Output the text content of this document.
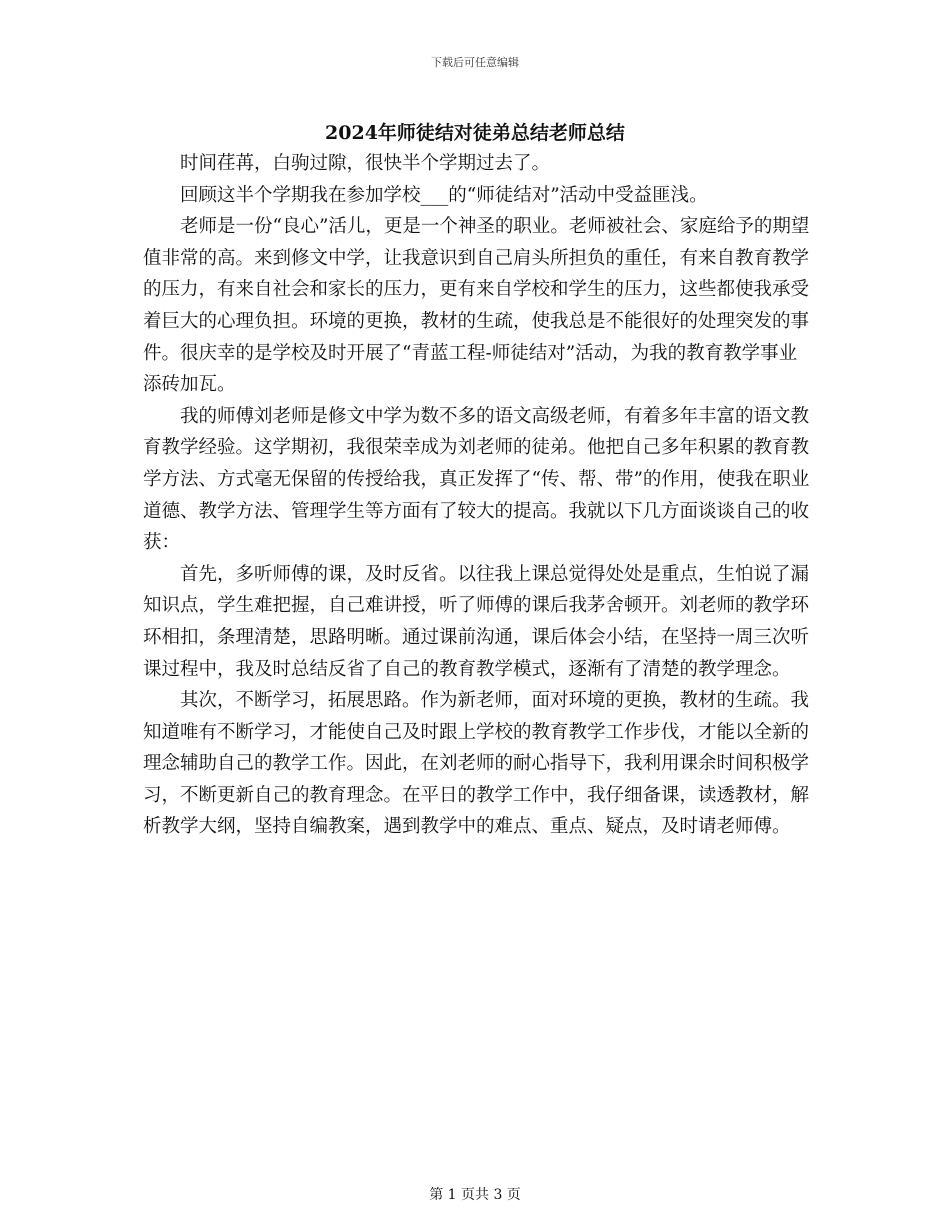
下载后可任意编辑
2024年师徒结对徒弟总结老师总结

时间荏苒，白驹过隙，很快半个学期过去了。

回顾这半个学期我在参加学校___的“师徒结对”活动中受益匪浅。

老师是一份“良心”活儿，更是一个神圣的职业。老师被社会、家庭给予的期望值非常的高。来到修文中学，让我意识到自己肩头所担负的重任，有来自教育教学的压力，有来自社会和家长的压力，更有来自学校和学生的压力，这些都使我承受着巨大的心理负担。环境的更换，教材的生疏，使我总是不能很好的处理突发的事件。很庆幸的是学校及时开展了“青蓝工程-师徒结对”活动，为我的教育教学事业添砖加瓦。

我的师傅刘老师是修文中学为数不多的语文高级老师，有着多年丰富的语文教育教学经验。这学期初，我很荣幸成为刘老师的徒弟。他把自己多年积累的教育教学方法、方式毫无保留的传授给我，真正发挥了“传、帮、带”的作用，使我在职业道德、教学方法、管理学生等方面有了较大的提高。我就以下几方面谈谈自己的收获：

首先，多听师傅的课，及时反省。以往我上课总觉得处处是重点，生怕说了漏知识点，学生难把握，自己难讲授，听了师傅的课后我茅舍顿开。刘老师的教学环环相扣，条理清楚，思路明晰。通过课前沟通，课后体会小结，在坚持一周三次听课过程中，我及时总结反省了自己的教育教学模式，逐渐有了清楚的教学理念。

其次，不断学习，拓展思路。作为新老师，面对环境的更换，教材的生疏。我知道唯有不断学习，才能使自己及时跟上学校的教育教学工作步伐，才能以全新的理念辅助自己的教学工作。因此，在刘老师的耐心指导下，我利用课余时间积极学习，不断更新自己的教育理念。在平日的教学工作中，我仔细备课，读透教材，解析教学大纲，坚持自编教案，遇到教学中的难点、重点、疑点，及时请老师傅。

第 1 页共 3 页
